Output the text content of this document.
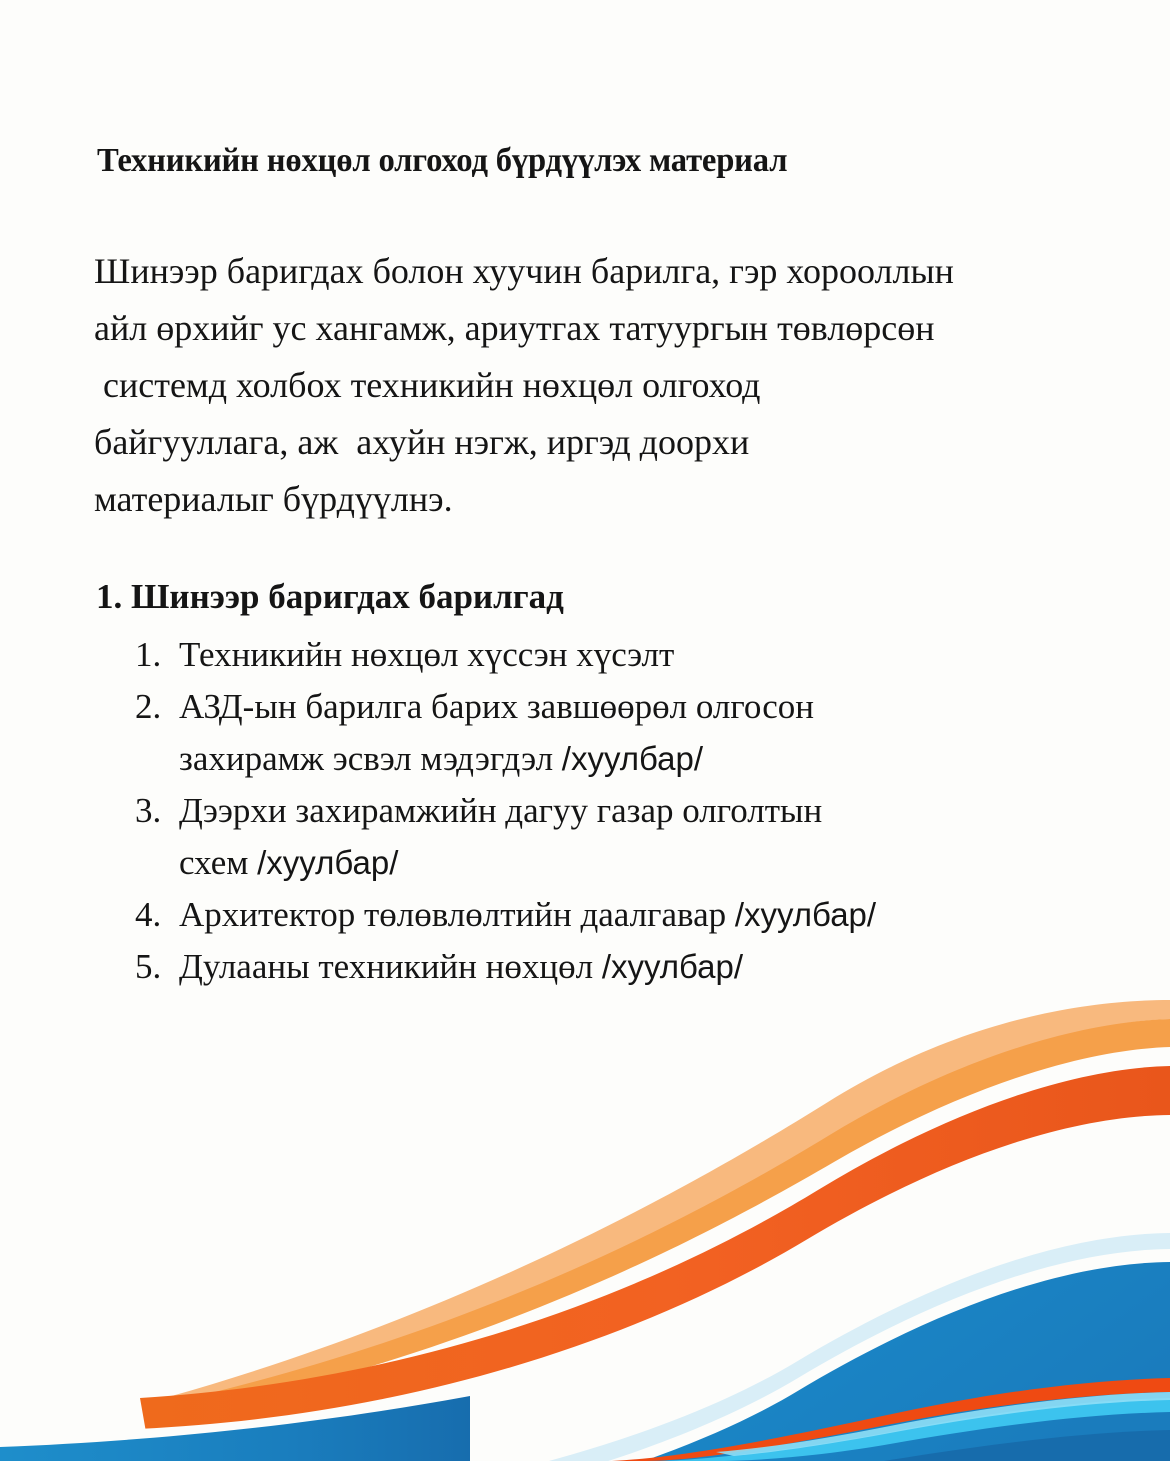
Техникийн нөхцөл олгоход бүрдүүлэх материал
Шинээр баригдах болон хуучин барилга, гэр хорооллын
айл өрхийг ус хангамж, ариутгах татуургын төвлөрсөн
системд холбох техникийн нөхцөл олгоход
байгууллага, аж  ахуйн нэгж, иргэд доорхи
материалыг бүрдүүлнэ.
1. Шинээр баригдах барилгад
1. Техникийн нөхцөл хүссэн хүсэлт
2. АЗД-ын барилга барих завшөөрөл олгосон
захирамж эсвэл мэдэгдэл /хуулбар/
3. Дээрхи захирамжийн дагуу газар олголтын
схем /хуулбар/
4. Архитектор төлөвлөлтийн даалгавар /хуулбар/
5. Дулааны техникийн нөхцөл /хуулбар/
